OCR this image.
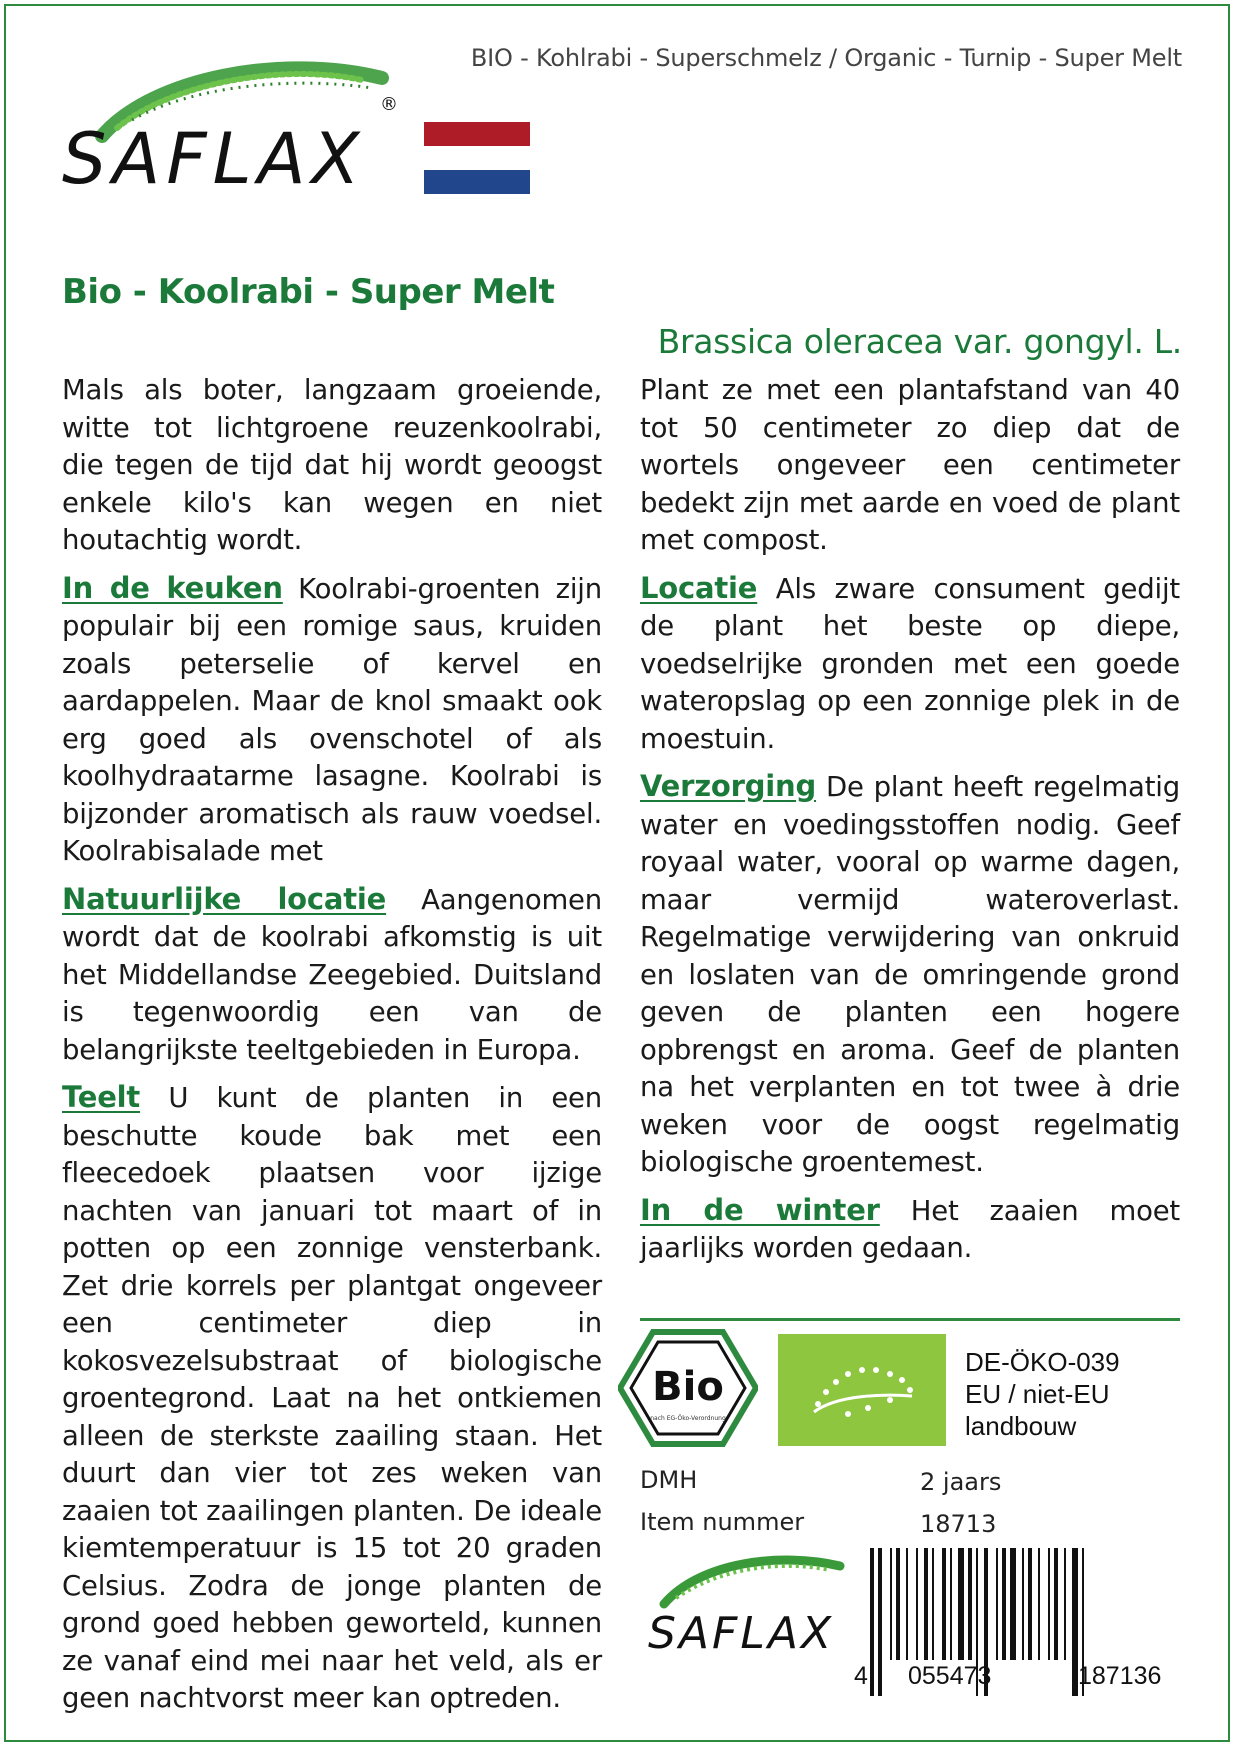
BIO - Kohlrabi - Superschmelz / Organic - Turnip - Super Melt
SAFLAX
®
Bio - Koolrabi - Super Melt
Brassica oleracea var. gongyl. L.

Mals als boter, langzaam groeiende, witte tot lichtgroene reuzenkoolrabi, die tegen de tijd dat hij wordt geoogst enkele kilo's kan wegen en niet houtachtig wordt.

In de keuken Koolrabi-groenten zijn populair bij een romige saus, kruiden zoals peterselie of kervel en aardappelen. Maar de knol smaakt ook erg goed als ovenschotel of als koolhydraatarme lasagne. Koolrabi is bijzonder aromatisch als rauw voedsel. Koolrabisalade met

Natuurlijke locatie Aangenomen wordt dat de koolrabi afkomstig is uit het Middellandse Zeegebied. Duitsland is tegenwoordig een van de belangrijkste teeltgebieden in Europa.

Teelt U kunt de planten in een beschutte koude bak met een fleecedoek plaatsen voor ijzige nachten van januari tot maart of in potten op een zonnige vensterbank. Zet drie korrels per plantgat ongeveer een centimeter diep in kokosvezelsubstraat of biologische groentegrond. Laat na het ontkiemen alleen de sterkste zaailing staan. Het duurt dan vier tot zes weken van zaaien tot zaailingen planten. De ideale kiemtemperatuur is 15 tot 20 graden Celsius. Zodra de jonge planten de grond goed hebben geworteld, kunnen ze vanaf eind mei naar het veld, als er geen nachtvorst meer kan optreden.

Plant ze met een plantafstand van 40 tot 50 centimeter zo diep dat de wortels ongeveer een centimeter bedekt zijn met aarde en voed de plant met compost.

Locatie Als zware consument gedijt de plant het beste op diepe, voedselrijke gronden met een goede wateropslag op een zonnige plek in de moestuin.

Verzorging De plant heeft regelmatig water en voedingsstoffen nodig. Geef royaal water, vooral op warme dagen, maar vermijd wateroverlast. Regelmatige verwijdering van onkruid en loslaten van de omringende grond geven de planten een hogere opbrengst en aroma. Geef de planten na het verplanten en tot twee à drie weken voor de oogst regelmatig biologische groentemest.

In de winter Het zaaien moet jaarlijks worden gedaan.

Bio
nach EG-Öko-Verordnung
DE-ÖKO-039
EU / niet-EU
landbouw
DMH	2 jaars
Item nummer	18713
SAFLAX
4 055473	187136
